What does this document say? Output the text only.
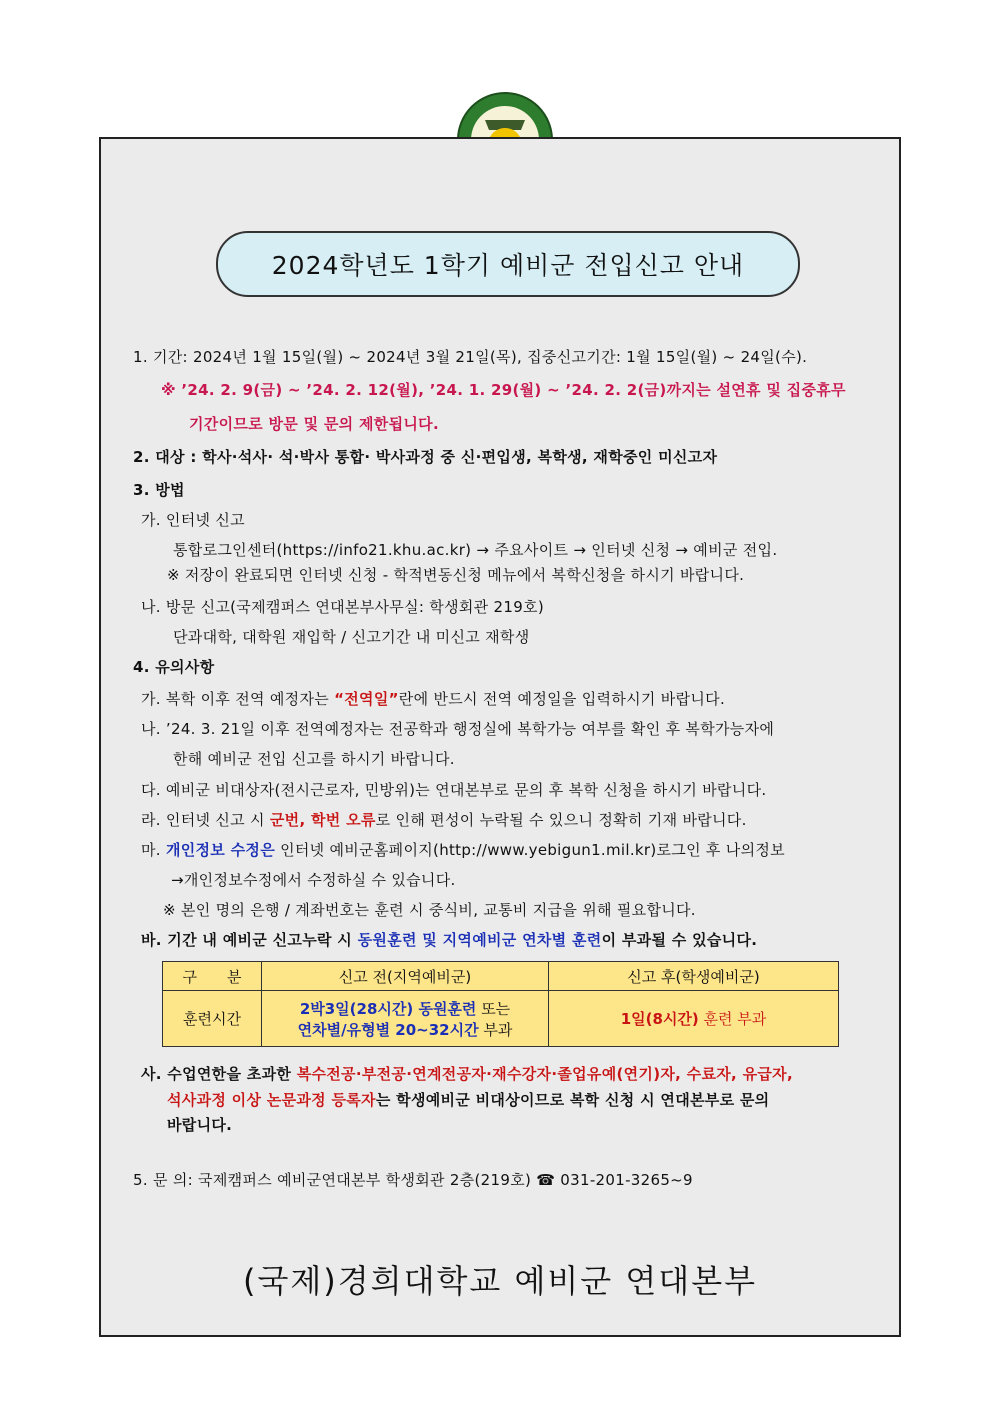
2024학년도 1학기 예비군 전입신고 안내
1. 기간: 2024년 1월 15일(월) ~ 2024년 3월 21일(목), 집중신고기간: 1월 15일(월) ~ 24일(수).
※ ’24. 2. 9(금) ~ ’24. 2. 12(월), ’24. 1. 29(월) ~ ’24. 2. 2(금)까지는 설연휴 및 집중휴무
기간이므로 방문 및 문의 제한됩니다.
2. 대상 : 학사·석사· 석·박사 통합· 박사과정 중 신·편입생, 복학생, 재학중인 미신고자
3. 방법
가. 인터넷 신고
통합로그인센터(https://info21.khu.ac.kr) → 주요사이트 → 인터넷 신청 → 예비군 전입.
※ 저장이 완료되면 인터넷 신청 - 학적변동신청 메뉴에서 복학신청을 하시기 바랍니다.
나. 방문 신고(국제캠퍼스 연대본부사무실: 학생회관 219호)
단과대학, 대학원 재입학 / 신고기간 내 미신고 재학생
4. 유의사항
가. 복학 이후 전역 예정자는 “전역일”란에 반드시 전역 예정일을 입력하시기 바랍니다.
나. ’24. 3. 21일 이후 전역예정자는 전공학과 행정실에 복학가능 여부를 확인 후 복학가능자에
한해 예비군 전입 신고를 하시기 바랍니다.
다. 예비군 비대상자(전시근로자, 민방위)는 연대본부로 문의 후 복학 신청을 하시기 바랍니다.
라. 인터넷 신고 시 군번, 학번 오류로 인해 편성이 누락될 수 있으니 정확히 기재 바랍니다.
마. 개인정보 수정은 인터넷 예비군홈페이지(http://www.yebigun1.mil.kr)로그인 후 나의정보
→개인정보수정에서 수정하실 수 있습니다.
※ 본인 명의 은행 / 계좌번호는 훈련 시 중식비, 교통비 지급을 위해 필요합니다.
바. 기간 내 예비군 신고누락 시 동원훈련 및 지역예비군 연차별 훈련이 부과될 수 있습니다.
구　　분	신고 전(지역예비군)	신고 후(학생예비군)
훈련시간	2박3일(28시간) 동원훈련 또는
연차별/유형별 20~32시간 부과	1일(8시간) 훈련 부과
사. 수업연한을 초과한 복수전공·부전공·연계전공자·재수강자·졸업유예(연기)자, 수료자, 유급자,
석사과정 이상 논문과정 등록자는 학생예비군 비대상이므로 복학 신청 시 연대본부로 문의
바랍니다.
5. 문 의: 국제캠퍼스 예비군연대본부 학생회관 2층(219호) ☎ 031-201-3265~9
(국제)경희대학교 예비군 연대본부
